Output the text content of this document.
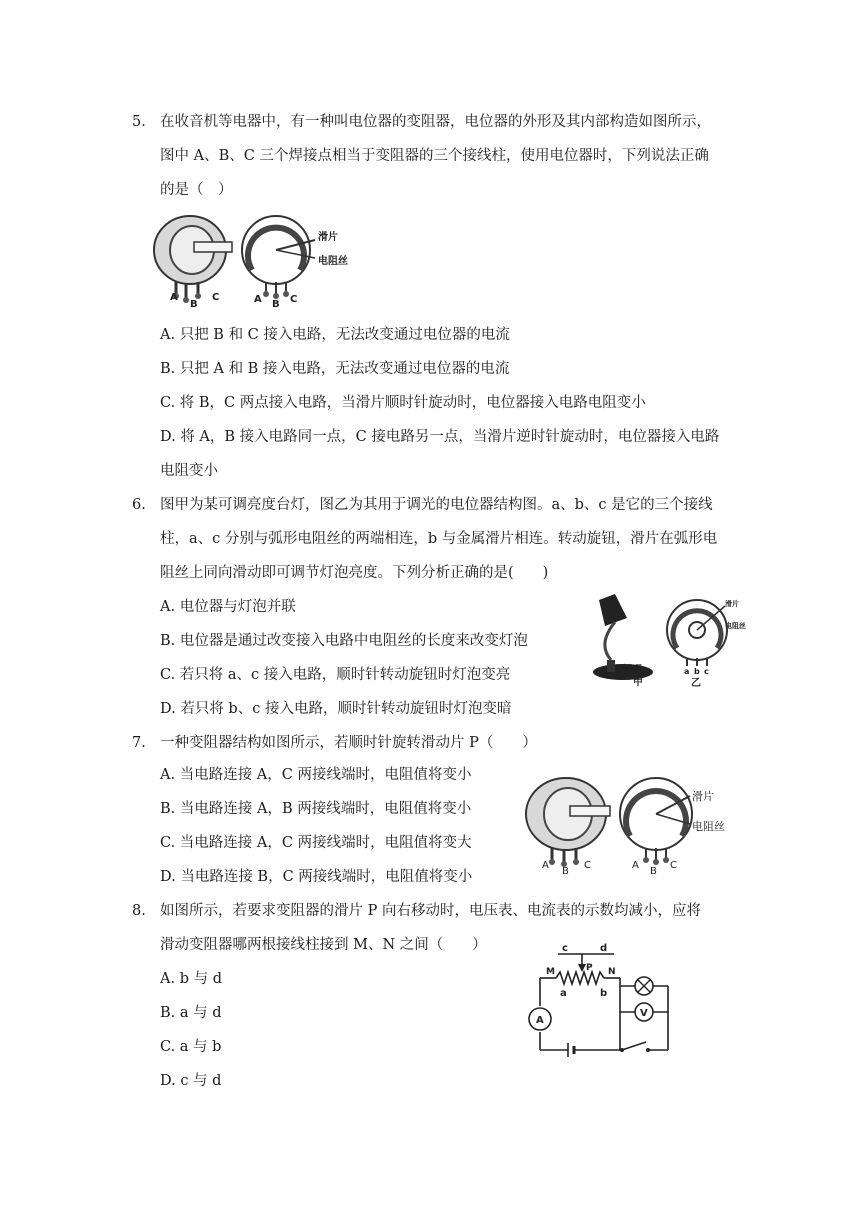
5. 在收音机等电器中，有一种叫电位器的变阻器，电位器的外形及其内部构造如图所示，
图中 A、B、C 三个焊接点相当于变阻器的三个接线柱，使用电位器时，下列说法正确
的是（　）
滑片
电阻丝
A
B
C	A B C
A. 只把 B 和 C 接入电路，无法改变通过电位器的电流
B. 只把 A 和 B 接入电路，无法改变通过电位器的电流
C. 将 B，C 两点接入电路，当滑片顺时针旋动时，电位器接入电路电阻变小
D. 将 A，B 接入电路同一点，C 接电路另一点，当滑片逆时针旋动时，电位器接入电路
电阻变小
6. 图甲为某可调亮度台灯，图乙为其用于调光的电位器结构图。a、b、c 是它的三个接线
柱，a、c 分别与弧形电阻丝的两端相连，b 与金属滑片相连。转动旋钮，滑片在弧形电
阻丝上同向滑动即可调节灯泡亮度。下列分析正确的是(　　)
A. 电位器与灯泡并联
B. 电位器是通过改变接入电路中电阻丝的长度来改变灯泡
C. 若只将 a、c 接入电路，顺时针转动旋钮时灯泡变亮
D. 若只将 b、c 接入电路，顺时针转动旋钮时灯泡变暗
电位器
甲
滑片
电阻丝
a b c
乙
7. 一种变阻器结构如图所示，若顺时针旋转滑动片 P（　　）
A. 当电路连接 A，C 两接线端时，电阻值将变小
B. 当电路连接 A，B 两接线端时，电阻值将变小
C. 当电路连接 A，C 两接线端时，电阻值将变大
D. 当电路连接 B，C 两接线端时，电阻值将变小
滑片
电阻丝
A
B
C	A
B
C
8. 如图所示，若要求变阻器的滑片 P 向右移动时，电压表、电流表的示数均减小，应将
滑动变阻器哪两根接线柱接到 M、N 之间（　　）
A. b 与 d
B. a 与 d
C. a 与 b
D. c 与 d
c	d
M	N
P
a	b
A
V
